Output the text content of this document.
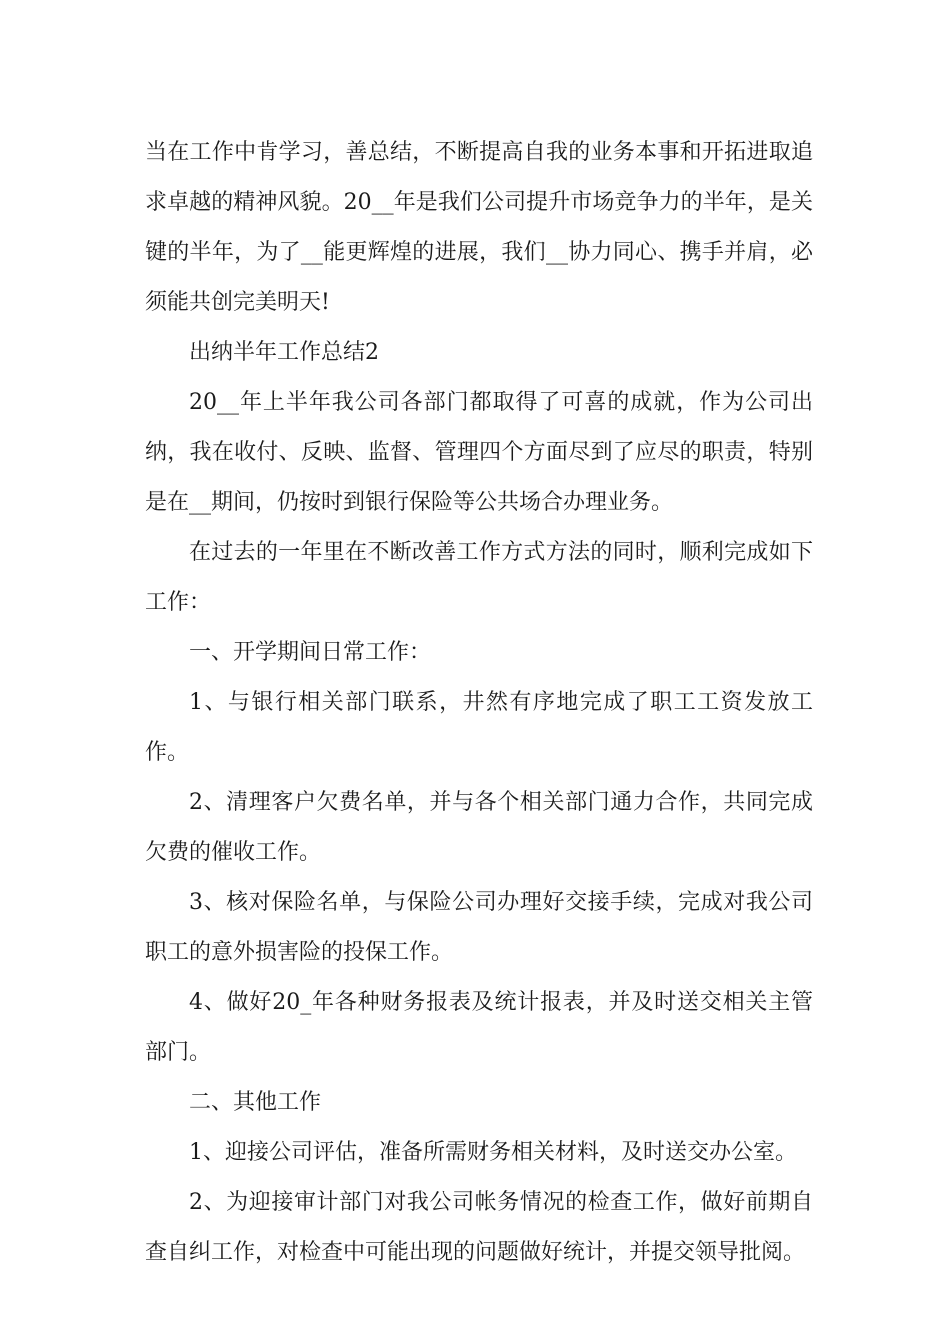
当在工作中肯学习，善总结，不断提高自我的业务本事和开拓进取追求卓越的精神风貌。20__年是我们公司提升市场竞争力的半年，是关键的半年，为了__能更辉煌的进展，我们__协力同心、携手并肩，必须能共创完美明天!

出纳半年工作总结2

20__年上半年我公司各部门都取得了可喜的成就，作为公司出纳，我在收付、反映、监督、管理四个方面尽到了应尽的职责，特别是在__期间，仍按时到银行保险等公共场合办理业务。

在过去的一年里在不断改善工作方式方法的同时，顺利完成如下工作：

一、开学期间日常工作：

1、与银行相关部门联系，井然有序地完成了职工工资发放工作。

2、清理客户欠费名单，并与各个相关部门通力合作，共同完成欠费的催收工作。

3、核对保险名单，与保险公司办理好交接手续，完成对我公司职工的意外损害险的投保工作。

4、做好20_年各种财务报表及统计报表，并及时送交相关主管部门。

二、其他工作

1、迎接公司评估，准备所需财务相关材料，及时送交办公室。

2、为迎接审计部门对我公司帐务情况的检查工作，做好前期自查自纠工作，对检查中可能出现的问题做好统计，并提交领导批阅。
